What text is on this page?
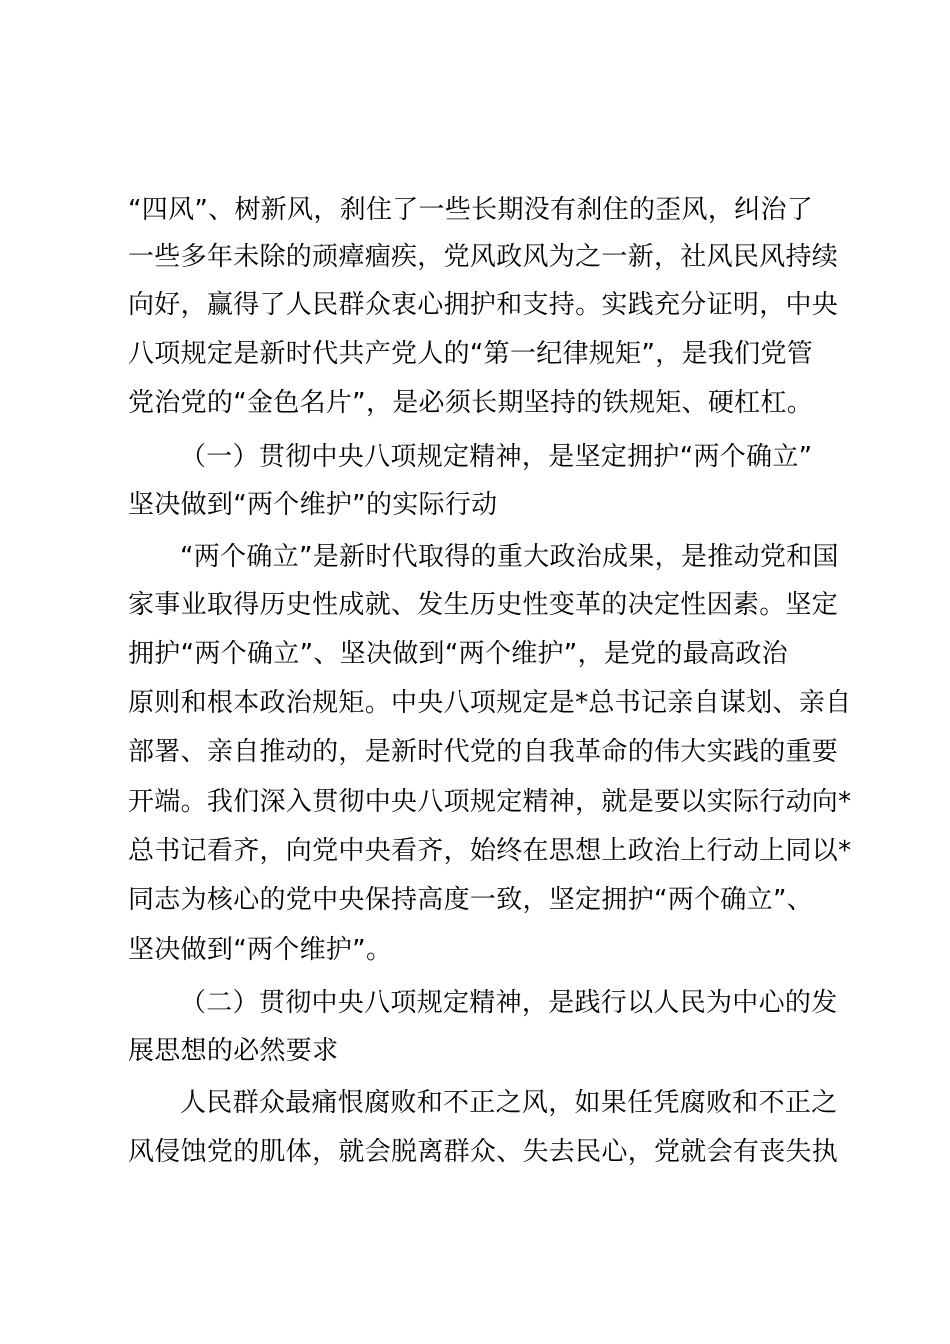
“四风”、树新风，刹住了一些长期没有刹住的歪风，纠治了
一些多年未除的顽瘴痼疾，党风政风为之一新，社风民风持续
向好，赢得了人民群众衷心拥护和支持。实践充分证明，中央
八项规定是新时代共产党人的“第一纪律规矩”，是我们党管
党治党的“金色名片”，是必须长期坚持的铁规矩、硬杠杠。
（一）贯彻中央八项规定精神，是坚定拥护“两个确立”
坚决做到“两个维护”的实际行动
“两个确立”是新时代取得的重大政治成果，是推动党和国
家事业取得历史性成就、发生历史性变革的决定性因素。坚定
拥护“两个确立”、坚决做到“两个维护”，是党的最高政治
原则和根本政治规矩。中央八项规定是*总书记亲自谋划、亲自
部署、亲自推动的，是新时代党的自我革命的伟大实践的重要
开端。我们深入贯彻中央八项规定精神，就是要以实际行动向*
总书记看齐，向党中央看齐，始终在思想上政治上行动上同以*
同志为核心的党中央保持高度一致，坚定拥护“两个确立”、
坚决做到“两个维护”。
（二）贯彻中央八项规定精神，是践行以人民为中心的发
展思想的必然要求
人民群众最痛恨腐败和不正之风，如果任凭腐败和不正之
风侵蚀党的肌体，就会脱离群众、失去民心，党就会有丧失执
